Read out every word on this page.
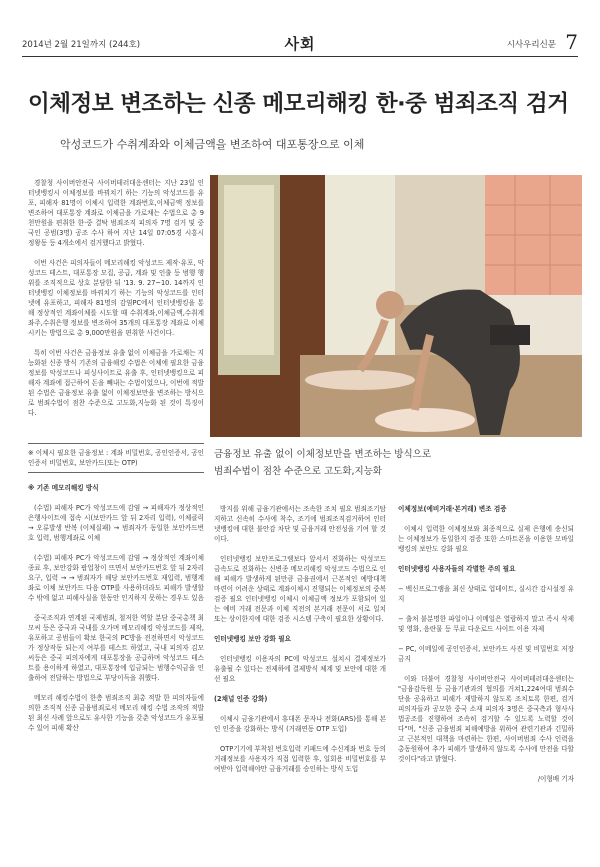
2014년 2월 21일까지 (244호)	사회	시사우리신문 7
이체정보 변조하는 신종 메모리해킹 한·중 범죄조직 검거
악성코드가 수취계좌와 이체금액을 변조하여 대포통장으로 이체

경찰청 사이버안전국 사이버테러대응센터는 지난 23일 인터넷뱅킹시 이체정보를 바꿔치기 하는 기능의 악성코드를 유포, 피해자 81명이 이체시 입력한 계좌번호,이체금액 정보를 변조하여 대포통장 계좌로 이체금을 가로채는 수법으로 총 9천만원을 편취한 한·중 결탁 범죄조직 피의자 7명 검거 및 중국인 공범(3명) 공조 수사 하여 지난 14일 07:05경 시흥시 정왕동 등 4개소에서 검거했다고 밝혔다.

이번 사건은 피의자들이 메모리해킹 악성코드 제작·유포, 악성코드 테스트, 대포통장 모집, 공급, 계좌 및 인출 등 범행 행위를 조직적으로 상호 분담한 뒤 '13. 9. 27~10. 14까지 인터넷뱅킹 이체정보를 바꿔치기 하는 기능의 악성코드를 인터넷에 유포하고, 피해자 81명의 감염PC에서 인터넷뱅킹을 통해 정상적인 계좌이체를 시도할 때 수취계좌,이체금액,수취계좌주,수취은행 정보를 변조하여 35개의 대포통장 계좌로 이체시키는 방법으로 총 9,000만원을 편취한 사건이다.

특히 이번 사건은 금융정보 유출 없이 이체금을 가로채는 지능화된 신종 방식 기존의 금융해킹 수법은 이체에 필요한 금융정보를 악성코드나 피싱사이트로 유출 후, 인터넷뱅킹으로 피해자 계좌에 접근하여 돈을 빼내는 수법이었으나, 이번에 적발된 수법은 금융정보 유출 없이 이체정보만을 변조하는 방식으로 범죄수법이 점찬 수준으로 고도화,지능화 된 것이 특징이다.

금융정보 유출 없이 이체정보만을 변조하는 방식으로
범죄수법이 점찬 수준으로 고도화,지능화

※ 이체시 필요한 금융정보 : 계좌 비밀번호, 공인인증서, 공인인증서 비밀번호, 보안카드(또는 OTP)

※ 기존 메모리해킹 방식

(수법) 피해자 PC가 악성코드에 감염 → 피해자가 정상적인 은행사이트에 접속 시(보안카드 앞 뒤 2자리 입력), 이체클릭 → 오류발생 반복 (이체실패) → 범죄자가 동일한 보안카드번호 입력, 범행계좌로 이체

(수법) 피해자 PC가 악성코드에 감염 → 정상적인 계좌이체 종료 후, 보안강화 팝업창이 뜨면서 보안카드번호 앞 뒤 2자리 요구, 입력 → → 범죄자가 해당 보안카드번호 재입력, 범행계좌로 이체 보안카드 다음 OTP를 사용하더라도 피해가 발생할 수 밖에 없고 피해사실을 한동안 인지하지 못하는 경우도 있음

중국조직과 연계된 국제범죄, 철저한 역할 분담 중국총책 최모씨 등은 중국과 국내를 오가며 메모리해킹 악성코드를 제작,유포하고 공범들이 확보 한국의 PC방을 전전하면서 악성코드가 정상작동 되는지 여부를 테스트 하였고, 국내 피의자 김모씨등은 중국 피의자에게 대포통장을 공급하며 악성코드 테스트를 용이하게 하였고, 대포통장에 입금되는 범행수익금을 인출하여 전달하는 방법으로 부당이득을 취했다.

메모리 해킹수법이 한층 범죄조직 최총 적발 한 피의자들에 의한 조직적 신종 금융범죄로서 메모리 해킹 수법 조작의 적발된 최신 사례 앞으로도 유사한 기능을 갖춘 악성코드가 유포될 수 있어 피해 확산

방지를 위해 금융기관에서는 조속한 조치 필요 범죄조기탐지하고 신속히 수사에 착수, 조기에 범죄조직검거하여 인터넷뱅킹에 대한 불안감 차단 및 금융거래 안전성을 기여 할 것이다.

인터넷뱅킹 보안프로그램보다 앞서서 진화하는 악성코드 금속도로 진화하는 신변종 메모리해킹 악성코드 수법으로 인해 피해가 발생하게 된만큼 금융권에서 근본적인 예방대책 마련이 어려운 상태로 계좌이체시 진행되는 이체정보의 중복검증 필요 인터넷뱅킹 이체시 이체금액 정보가 포함되어 있는 예비 거래 전문과 이체 직전의 본거래 전문이 서로 일치 또는 상이한지에 대한 검증 시스템 구축이 필요한 상황이다.

인터넷뱅킹 보안 강화 필요

인터넷뱅킹 이용자의 PC에 악성코드 설치시 결제정보가 유출될 수 있다는 전제하에 결제방식 체계 및 보안에 대한 개선 필요

(2채널 인증 강화)

이체시 금융기관에서 휴대폰 문자나 전화(ARS)를 통해 본인 인증을 강화하는 방식 (거래연동 OTP 도입)

OTP기기에 부착된 번호입력 키패드에 수신계좌 번호 등의 거래정보를 사용자가 직접 입력한 후, 일회용 비밀번호를 부여받아 입력해야만 금융거래를 승인하는 방식 도입

이체정보(예비거래·본거래) 변조 검증

이체시 입력한 이체정보와 최종적으로 실제 은행에 송신되는 이체정보가 동일한지 검증 또한 스마트폰을 이용한 모바일뱅킹의 보안도 강화 필요

인터넷뱅킹 사용자들의 각별한 주의 필요

− 백신프로그램을 최신 상태로 업데이트, 실시간 감시설정 유지

− 출처 불분명한 파일이나 이메일은 열람하지 말고 즉시 삭제 및 영화, 음란물 등 무료 다운로드 사이트 이용 자제

− PC, 이메일에 공인인증서, 보안카드 사진 및 비밀번호 저장 금지

이와 더불어 경찰청 사이버안전국 사이버테러대응센터는 "금융감독원 등 금융기관과의 협의를 거쳐1,224여대 범죄수단을 공유하고 피해가 재발하지 않도록 조치토록 한편, 검거 피의자들과 공모한 중국 소재 피의자 3명은 중국측과 형사사법공조를 진행하여 조속히 검거할 수 있도록 노력할 것이다"며, "신종 금융범죄 피해예방을 위하여 관련기관과 긴밀하고 근본적인 대책을 마련하는 한편, 사이버범죄 수사 인력을 총동원하여 추가 피해가 발생하지 않도록 수사에 만전을 다할 것이다"라고 밝혔다.

/이형배 기자
